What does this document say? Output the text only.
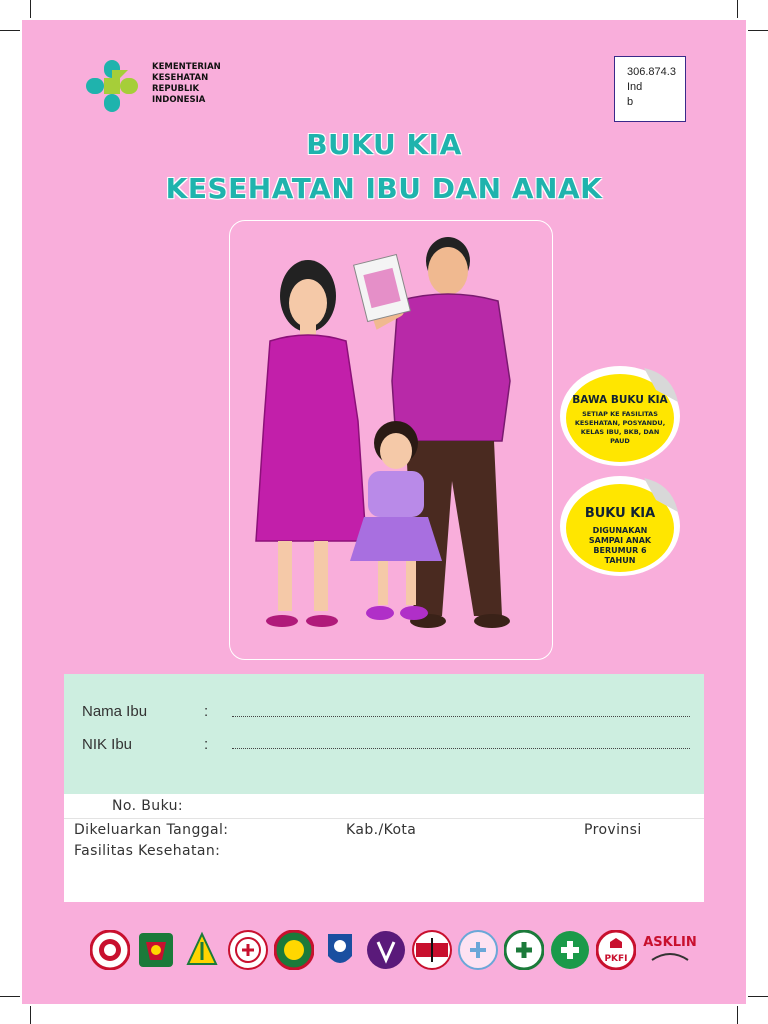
KEMENTERIAN
KESEHATAN
REPUBLIK
INDONESIA
306.874.3
Ind
b
BUKU KIA
KESEHATAN IBU DAN ANAK
BAWA BUKU KIA
SETIAP KE FASILITAS KESEHATAN, POSYANDU, KELAS IBU, BKB, DAN PAUD
BUKU KIA
DIGUNAKAN SAMPAI ANAK BERUMUR 6 TAHUN
Nama Ibu	:
NIK Ibu	:
No. Buku:
Dikeluarkan Tanggal:	Kab./Kota	Provinsi
Fasilitas Kesehatan:
PKFI
ASKLIN
